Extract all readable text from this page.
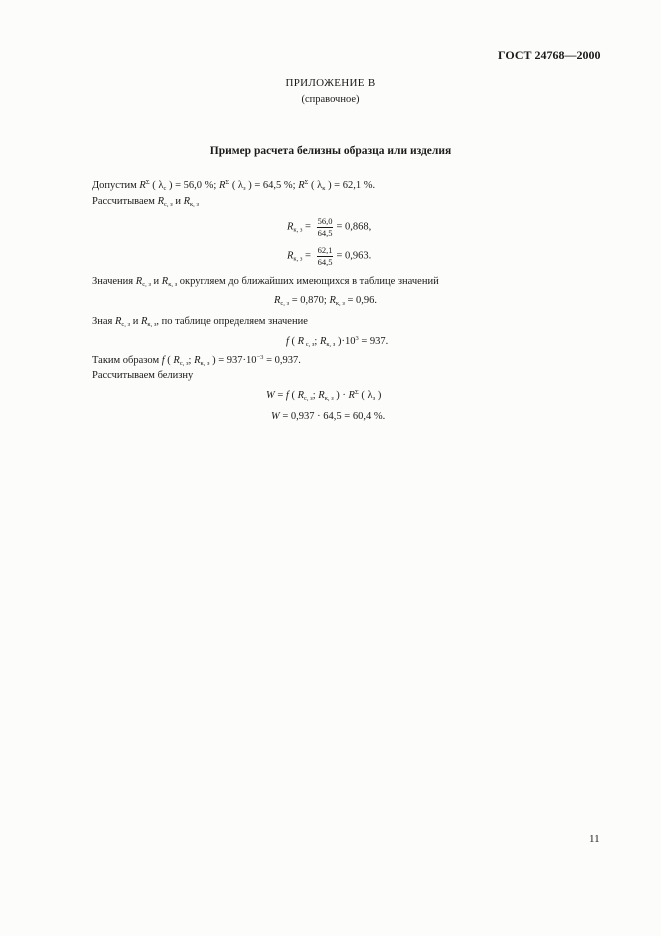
ГОСТ 24768—2000
ПРИЛОЖЕНИЕ В
(справочное)
Пример расчета белизны образца или изделия
Допустим $R^\Sigma$ ( $\lambda_с$ ) = 56,0 %; $R^\Sigma$ ( $\lambda_з$ ) = 64,5 %; $R^\Sigma$ ( $\lambda_к$ ) = 62,1 %.
Рассчитываем $R_{с, з}$ и $R_{к, з}$
$R_{к, з} = \frac{56,0}{64,5} = 0,868$,
$R_{к, з} = \frac{62,1}{64,5} = 0,963$.
Значения $R_{с, з}$ и $R_{к, з}$ округляем до ближайших имеющихся в таблице значений
$R_{с, з} = 0,870$; $R_{к, з} = 0,96$.
Зная $R_{с, з}$ и $R_{к, з}$, по таблице определяем значение
f ( R $_{с, з}$; $R_{к, з}$ )$\cdot 10^3 = 937$.
Таким образом f ( $R_{с, з}$; $R_{к, з}$ ) = $937\cdot 10^{-3} = 0,937$.
Рассчитываем белизну
W = f ( $R_{с, з}$; $R_{к, з}$ ) · $R^\Sigma$ ( $\lambda_з$ )
W = 0,937 · 64,5 = 60,4 %.
11
